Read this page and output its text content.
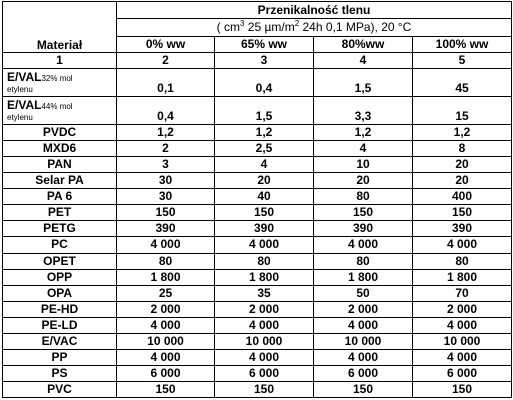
Materiał	Przenikalność tlenu			
	( $cm^3$ 25 $\mu m/m^2$ 24h 0,1 MPa), 20 °C			
	0% ww	65% ww	80%ww	100% ww
1	2	3	4	5

E/VAL32% mol
etylenu	0,1	0,4	1,5	45

E/VAL44% mol
etylenu	0,4	1,5	3,3	15
PVDC	1,2	1,2	1,2	1,2
MXD6	2	2,5	4	8
PAN	3	4	10	20
Selar PA	30	20	20	20
PA 6	30	40	80	400
PET	150	150	150	150
PETG	390	390	390	390
PC	4 000	4 000	4 000	4 000
OPET	80	80	80	80
OPP	1 800	1 800	1 800	1 800
OPA	25	35	50	70
PE-HD	2 000	2 000	2 000	2 000
PE-LD	4 000	4 000	4 000	4 000
E/VAC	10 000	10 000	10 000	10 000
PP	4 000	4 000	4 000	4 000
PS	6 000	6 000	6 000	6 000
PVC	150	150	150	150
